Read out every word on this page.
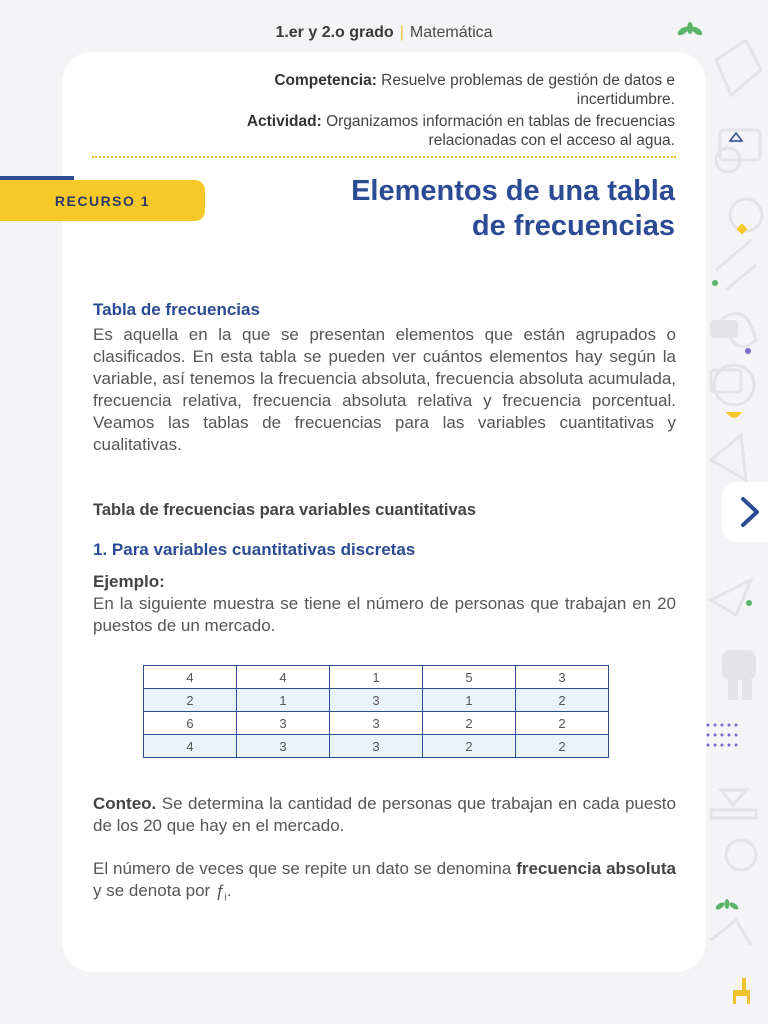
1.er y 2.o grado | Matemática
Competencia: Resuelve problemas de gestión de datos e incertidumbre.
Actividad: Organizamos información en tablas de frecuencias relacionadas con el acceso al agua.
RECURSO 1	Elementos de una tabla
de frecuencias
Tabla de frecuencias
Es aquella en la que se presentan elementos que están agrupados o clasificados. En esta tabla se pueden ver cuántos elementos hay según la variable, así tenemos la frecuencia absoluta, frecuencia absoluta acumulada, frecuencia relativa, frecuencia absoluta relativa y frecuencia porcentual. Veamos las tablas de frecuencias para las variables cuantitativas y cualitativas.
Tabla de frecuencias para variables cuantitativas
1. Para variables cuantitativas discretas
Ejemplo:
En la siguiente muestra se tiene el número de personas que trabajan en 20 puestos de un mercado.
4	4	1	5	3
2	1	3	1	2
6	3	3	2	2
4	3	3	2	2
Conteo. Se determina la cantidad de personas que trabajan en cada puesto de los 20 que hay en el mercado.
El número de veces que se repite un dato se denomina frecuencia absoluta y se denota por $ƒ_i$.
